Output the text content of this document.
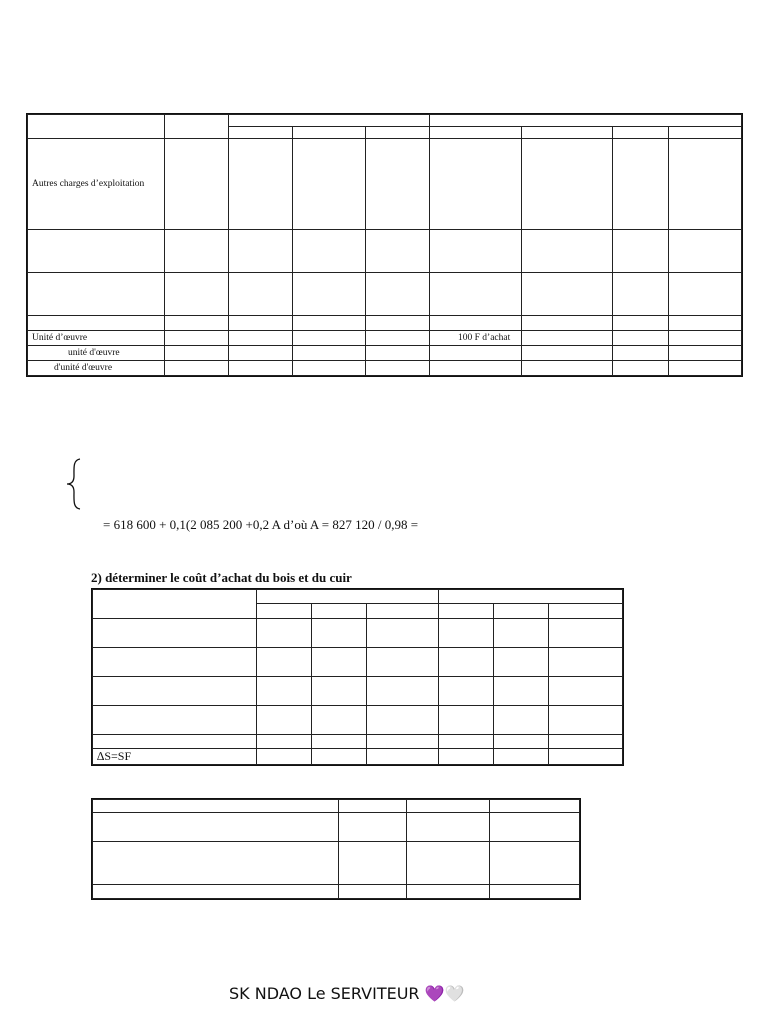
Autres charges d’exploitation								

Unité d’œuvre					100 F d’achat			
unité d'œuvre								
d'unité d'œuvre								
= 618 600 + 0,1(2 085 200 +0,2 A d’où A = 827 120 / 0,98 =
2) déterminer le coût d’achat du bois et du cuir

∆S=SF						

SK NDAO Le SERVITEUR 💜🤍
